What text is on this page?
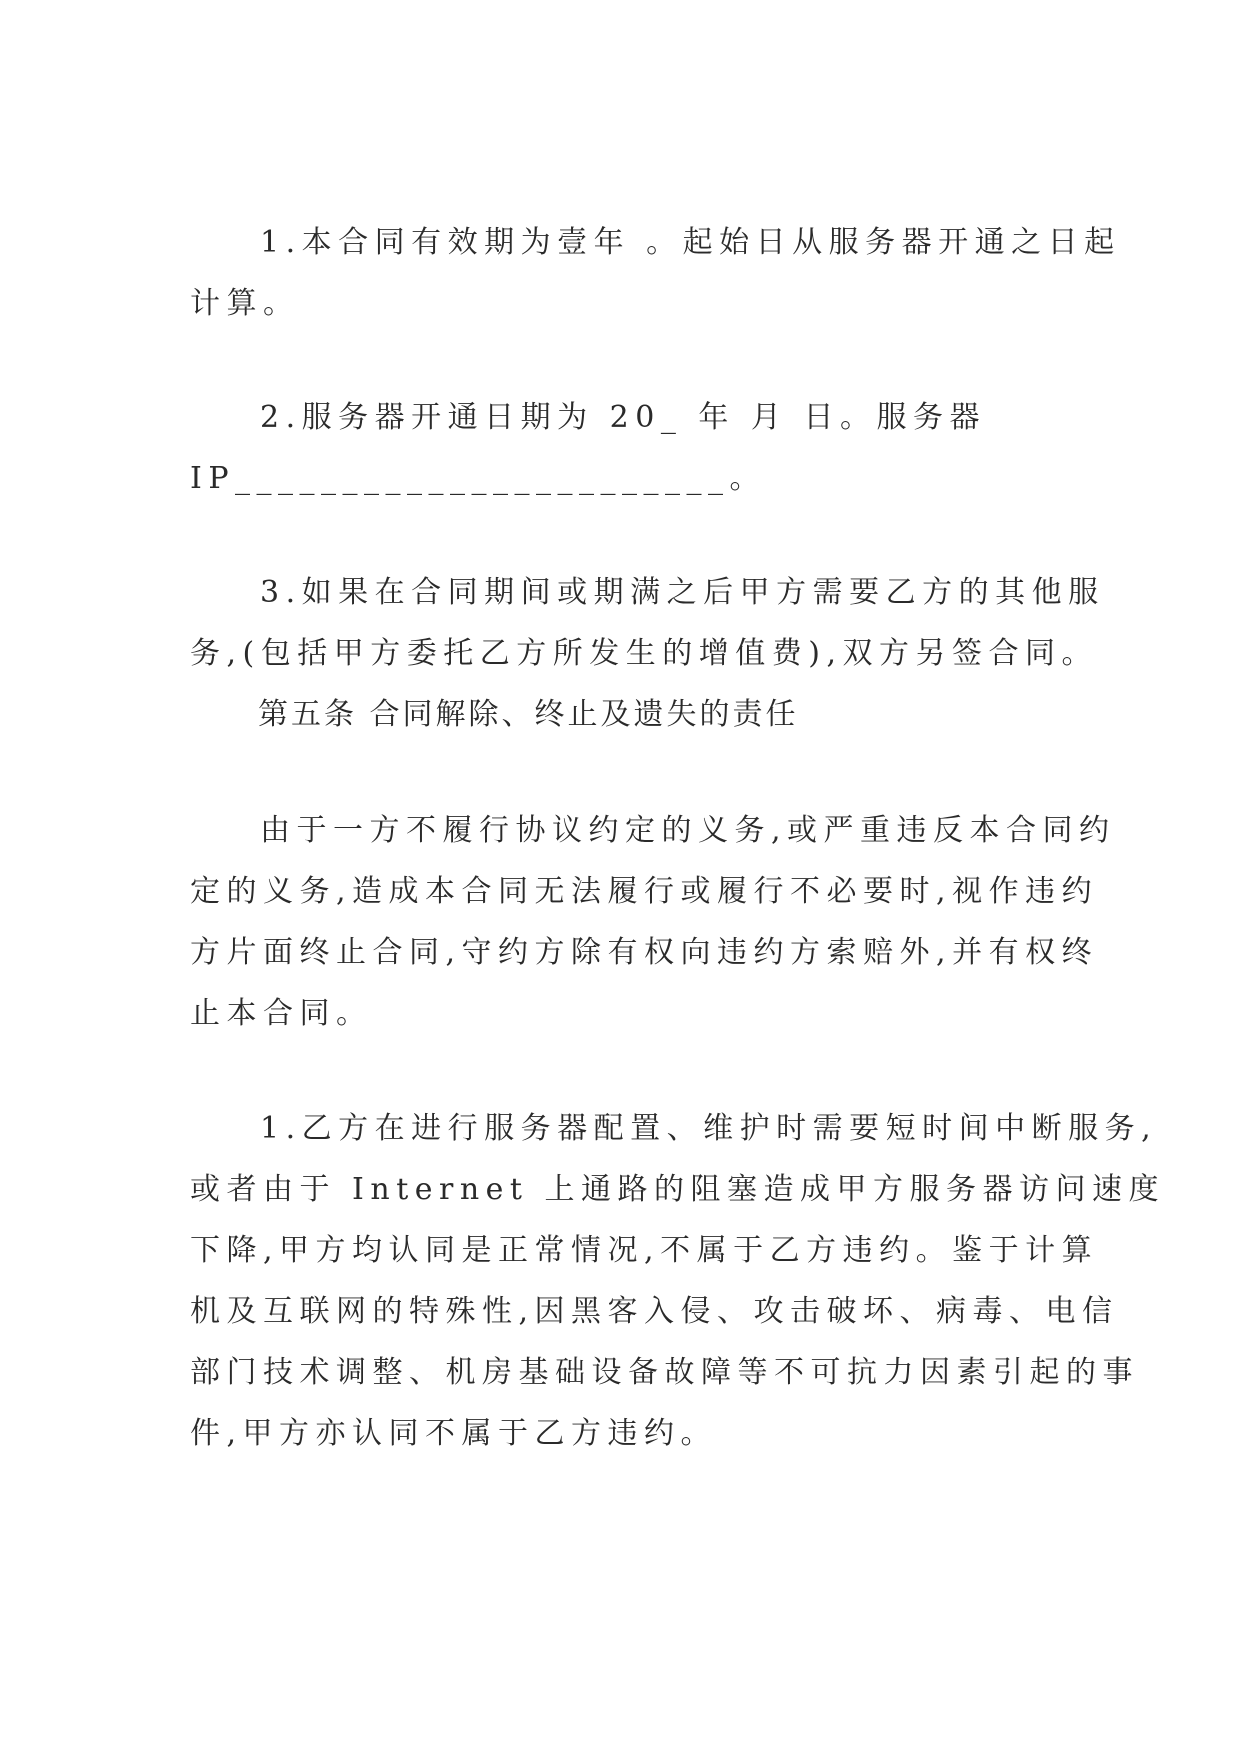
1.本合同有效期为壹年 。起始日从服务器开通之日起

计算。

2.服务器开通日期为 20_ 年 月 日。服务器

IP_______________________。

3.如果在合同期间或期满之后甲方需要乙方的其他服

务,(包括甲方委托乙方所发生的增值费),双方另签合同。

第五条 合同解除、终止及遗失的责任

由于一方不履行协议约定的义务,或严重违反本合同约

定的义务,造成本合同无法履行或履行不必要时,视作违约
方片面终止合同,守约方除有权向违约方索赔外,并有权终
止本合同。

1.乙方在进行服务器配置、维护时需要短时间中断服务,

或者由于 Internet 上通路的阻塞造成甲方服务器访问速度
下降,甲方均认同是正常情况,不属于乙方违约。鉴于计算
机及互联网的特殊性,因黑客入侵、攻击破坏、病毒、电信
部门技术调整、机房基础设备故障等不可抗力因素引起的事
件,甲方亦认同不属于乙方违约。
